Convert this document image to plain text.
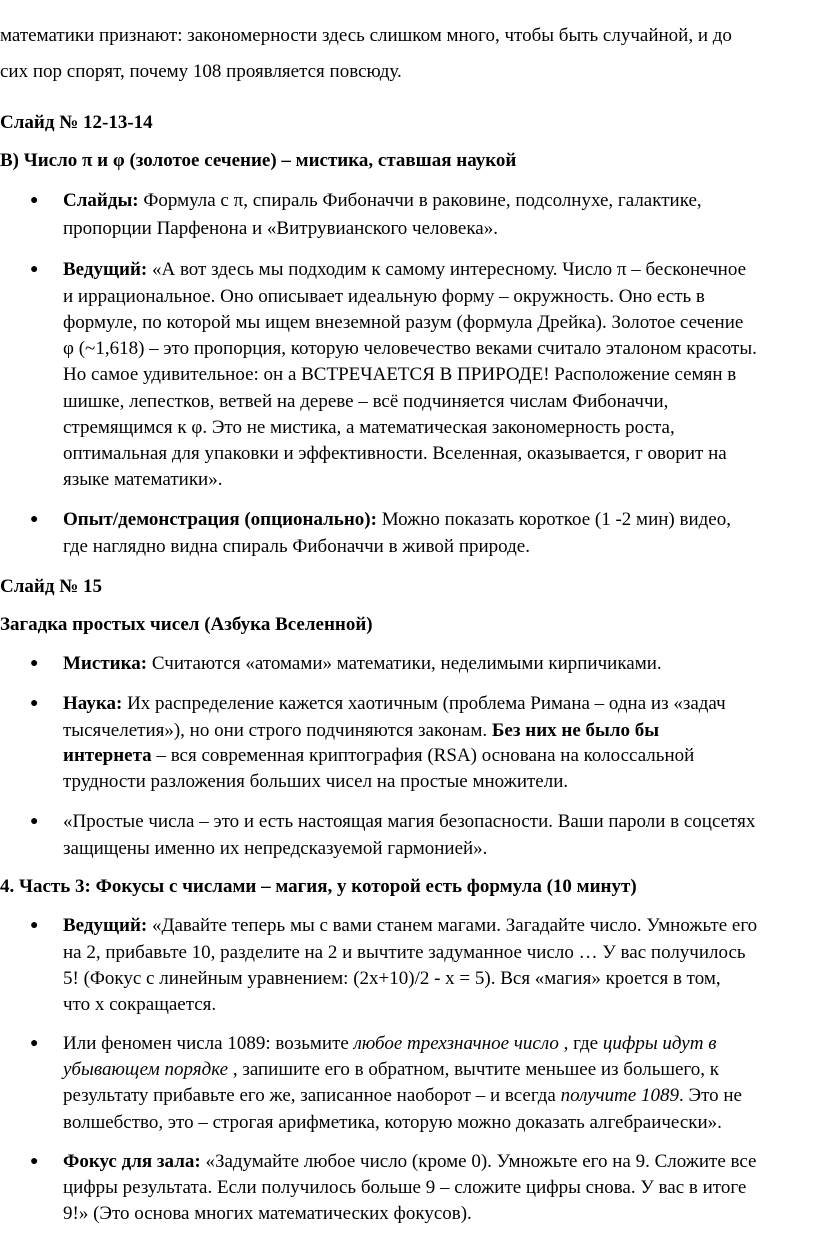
математики признают: закономерности здесь слишком много, чтобы быть случайной, и до
сих пор спорят, почему 108 проявляется повсюду.
Слайд № 12-13-14
В) Число π и φ (золотое сечение) – мистика, ставшая наукой
● Слайды: Формула с π, спираль Фибоначчи в раковине, подсолнухе, галактике,
пропорции Парфенона и «Витрувианского человека».
● Ведущий: «А вот здесь мы подходим к самому интересному. Число π – бесконечное
и иррациональное. Оно описывает идеальную форму – окружность. Оно есть в
формуле, по которой мы ищем внеземной разум (формула Дрейка). Золотое сечение
φ (~1,618) – это пропорция, которую человечество веками считало эталоном красоты.
Но самое удивительное: он а ВСТРЕЧАЕТСЯ В ПРИРОДЕ! Расположение семян в
шишке, лепестков, ветвей на дереве – всё подчиняется числам Фибоначчи,
стремящимся к φ. Это не мистика, а математическая закономерность роста,
оптимальная для упаковки и эффективности. Вселенная, оказывается, г оворит на
языке математики».
● Опыт/демонстрация (опционально): Можно показать короткое (1 -2 мин) видео,
где наглядно видна спираль Фибоначчи в живой природе.
Слайд № 15
Загадка простых чисел (Азбука Вселенной)
● Мистика: Считаются «атомами» математики, неделимыми кирпичиками.
● Наука: Их распределение кажется хаотичным (проблема Римана – одна из «задач
тысячелетия»), но они строго подчиняются законам. Без них не было бы
интернета – вся современная криптография (RSA) основана на колоссальной
трудности разложения больших чисел на простые множители.
● «Простые числа – это и есть настоящая магия безопасности. Ваши пароли в соцсетях
защищены именно их непредсказуемой гармонией».
4. Часть 3: Фокусы с числами – магия, у которой есть формула (10 минут)
● Ведущий: «Давайте теперь мы с вами станем магами. Загадайте число. Умножьте его
на 2, прибавьте 10, разделите на 2 и вычтите задуманное число … У вас получилось
5! (Фокус с линейным уравнением: (2х+10)/2 - х = 5). Вся «магия» кроется в том,
что х сокращается.
● Или феномен числа 1089: возьмите любое трехзначное число , где цифры идут в
убывающем порядке , запишите его в обратном, вычтите меньшее из большего, к
результату прибавьте его же, записанное наоборот – и всегда получите 1089. Это не
волшебство, это – строгая арифметика, которую можно доказать алгебраически».
● Фокус для зала: «Задумайте любое число (кроме 0). Умножьте его на 9. Сложите все
цифры результата. Если получилось больше 9 – сложите цифры снова. У вас в итоге
9!» (Это основа многих математических фокусов).
